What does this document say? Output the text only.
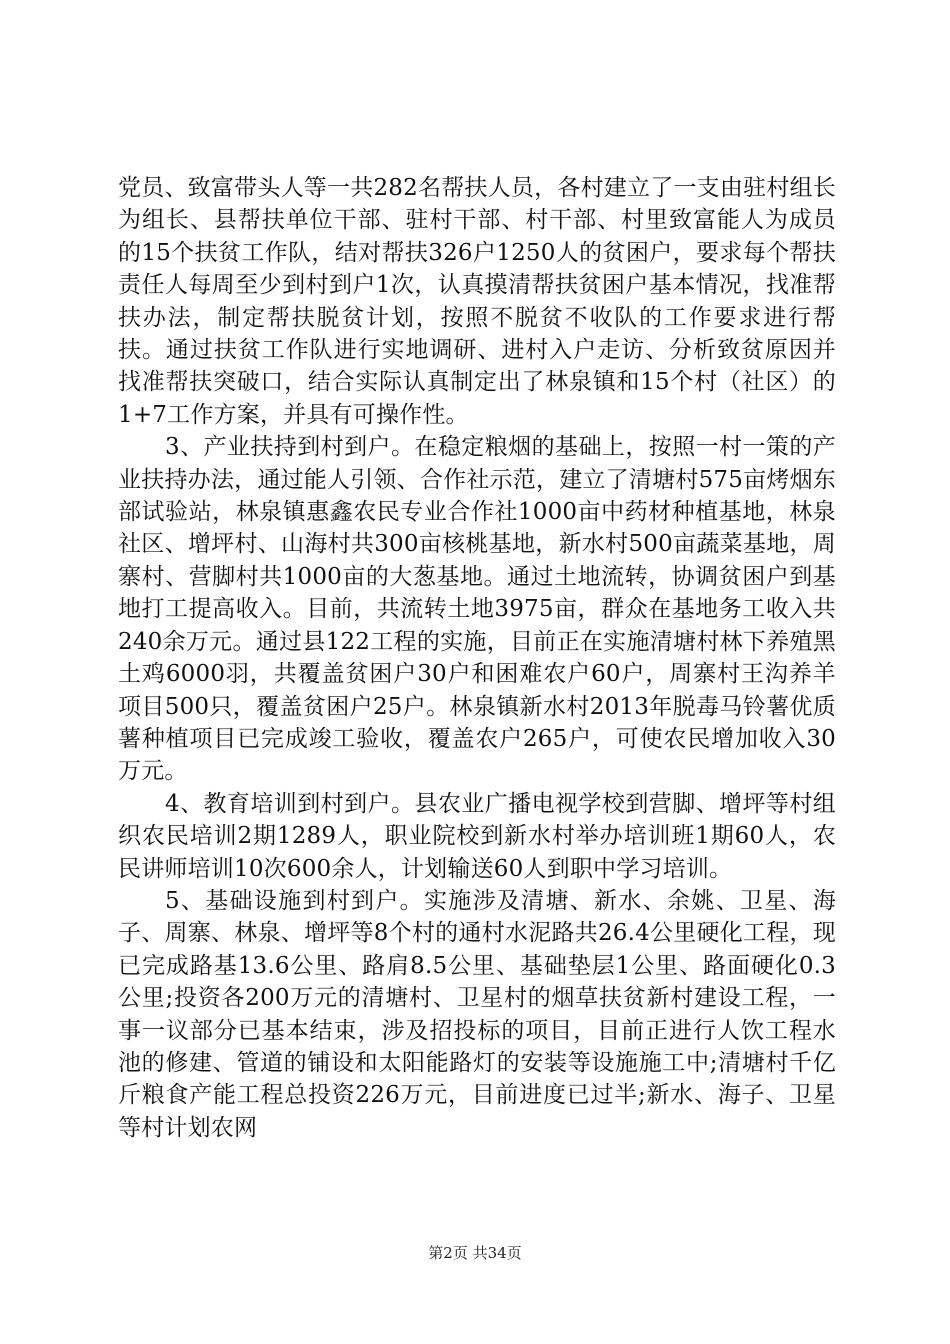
党员、致富带头人等一共282名帮扶人员，各村建立了一支由驻村组长为组长、县帮扶单位干部、驻村干部、村干部、村里致富能人为成员的15个扶贫工作队，结对帮扶326户1250人的贫困户，要求每个帮扶责任人每周至少到村到户1次，认真摸清帮扶贫困户基本情况，找准帮扶办法，制定帮扶脱贫计划，按照不脱贫不收队的工作要求进行帮扶。通过扶贫工作队进行实地调研、进村入户走访、分析致贫原因并找准帮扶突破口，结合实际认真制定出了林泉镇和15个村（社区）的1+7工作方案，并具有可操作性。

3、产业扶持到村到户。在稳定粮烟的基础上，按照一村一策的产业扶持办法，通过能人引领、合作社示范，建立了清塘村575亩烤烟东部试验站，林泉镇惠鑫农民专业合作社1000亩中药材种植基地，林泉社区、增坪村、山海村共300亩核桃基地，新水村500亩蔬菜基地，周寨村、营脚村共1000亩的大葱基地。通过土地流转，协调贫困户到基地打工提高收入。目前，共流转土地3975亩，群众在基地务工收入共240余万元。通过县122工程的实施，目前正在实施清塘村林下养殖黑土鸡6000羽，共覆盖贫困户30户和困难农户60户，周寨村王沟养羊项目500只，覆盖贫困户25户。林泉镇新水村2013年脱毒马铃薯优质薯种植项目已完成竣工验收，覆盖农户265户，可使农民增加收入30万元。

4、教育培训到村到户。县农业广播电视学校到营脚、增坪等村组织农民培训2期1289人，职业院校到新水村举办培训班1期60人，农民讲师培训10次600余人，计划输送60人到职中学习培训。

5、基础设施到村到户。实施涉及清塘、新水、余姚、卫星、海子、周寨、林泉、增坪等8个村的通村水泥路共26.4公里硬化工程，现已完成路基13.6公里、路肩8.5公里、基础垫层1公里、路面硬化0.3公里;投资各200万元的清塘村、卫星村的烟草扶贫新村建设工程，一事一议部分已基本结束，涉及招投标的项目，目前正进行人饮工程水池的修建、管道的铺设和太阳能路灯的安装等设施施工中;清塘村千亿斤粮食产能工程总投资226万元，目前进度已过半;新水、海子、卫星等村计划农网

第2页 共34页
